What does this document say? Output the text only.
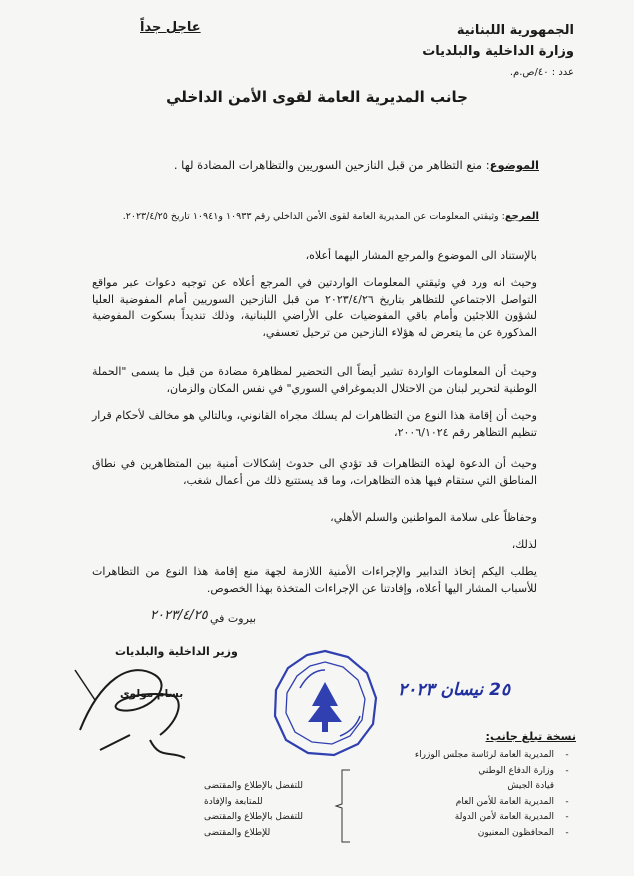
الجمهورية اللبنانية
وزارة الداخلية والبلديات
عدد : ٤٠/ص.م.
عاجل جداً
جانب المديرية العامة لقوى الأمن الداخلي
الموضوع: منع التظاهر من قبل النازحين السوريين والتظاهرات المضادة لها .
المرجع: وثيقتي المعلومات عن المديرية العامة لقوى الأمن الداخلي رقم ١٠٩٣٣ و١٠٩٤١ تاريخ ٢٠٢٣/٤/٢٥.
بالإستناد الى الموضوع والمرجع المشار اليهما أعلاه،
وحيث انه ورد في وثيقتي المعلومات الواردتين في المرجع أعلاه عن توجيه دعوات عبر مواقع التواصل الاجتماعي للتظاهر بتاريخ ٢٠٢٣/٤/٢٦ من قبل النازحين السوريين أمام المفوضية العليا لشؤون اللاجئين وأمام باقي المفوضيات على الأراضي اللبنانية، وذلك تنديداً بسكوت المفوضية المذكورة عن ما يتعرض له هؤلاء النازحين من ترحيل تعسفي،
وحيث أن المعلومات الواردة تشير أيضاً الى التحضير لمظاهرة مضادة من قبل ما يسمى "الحملة الوطنية لتحرير لبنان من الاحتلال الديموغرافي السوري" في نفس المكان والزمان،
وحيث أن إقامة هذا النوع من التظاهرات لم يسلك مجراه القانوني، وبالتالي هو مخالف لأحكام قرار تنظيم التظاهر رقم ٢٠٠٦/١٠٢٤،
وحيث أن الدعوة لهذه التظاهرات قد تؤدي الى حدوث إشكالات أمنية بين المتظاهرين في نطاق المناطق التي ستقام فيها هذه التظاهرات، وما قد يستتبع ذلك من أعمال شغب،
وحفاظاً على سلامة المواطنين والسلم الأهلي،
لذلك،
يطلب اليكم إتخاذ التدابير والإجراءات الأمنية اللازمة لجهة منع إقامة هذا النوع من التظاهرات للأسباب المشار اليها أعلاه، وإفادتنا عن الإجراءات المتخذة بهذا الخصوص.
بيروت في
٢٠٢٣/٤/٢٥
وزير الداخلية والبلديات
بسام مولوي	2٥ نيسان ٢٠٢٣
نسخة تبلغ جانب:
-
المديرية العامة لرئاسة مجلس الوزراء
-
وزارة الدفاع الوطني
قيادة الجيش
للتفضل بالإطلاع والمقتضى
-
المديرية العامة للأمن العام
للمتابعة والإفادة
-
المديرية العامة لأمن الدولة
للتفضل بالإطلاع والمقتضى
-
المحافظون المعنيون
للإطلاع والمقتضى
